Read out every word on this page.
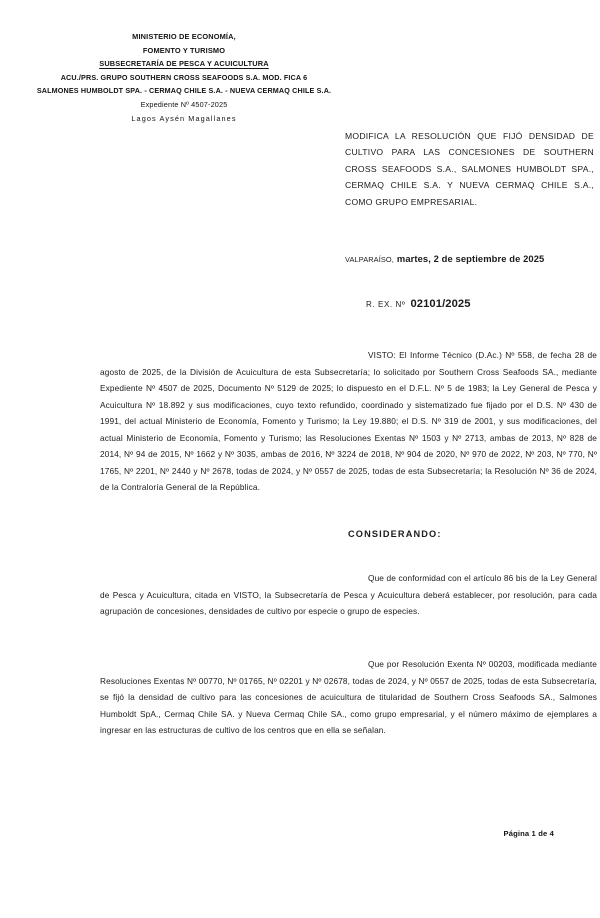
MINISTERIO DE ECONOMÍA,
FOMENTO Y TURISMO
SUBSECRETARÍA DE PESCA Y ACUICULTURA
ACU./PRS. GRUPO SOUTHERN CROSS SEAFOODS S.A. MOD. FICA 6
SALMONES HUMBOLDT SPA. - CERMAQ CHILE S.A. - NUEVA CERMAQ CHILE S.A.
Expediente Nº 4507-2025
Lagos Aysén Magallanes
MODIFICA LA RESOLUCIÓN QUE FIJÓ DENSIDAD DE CULTIVO PARA LAS CONCESIONES DE SOUTHERN CROSS SEAFOODS S.A., SALMONES HUMBOLDT SPA., CERMAQ CHILE S.A. Y NUEVA CERMAQ CHILE S.A., COMO GRUPO EMPRESARIAL.
VALPARAÍSO, martes, 2 de septiembre de 2025
R. EX. Nº 02101/2025

VISTO: El Informe Técnico (D.Ac.) Nº 558, de fecha 28 de agosto de 2025, de la División de Acuicultura de esta Subsecretaría; lo solicitado por Southern Cross Seafoods SA., mediante Expediente Nº 4507 de 2025, Documento Nº 5129 de 2025; lo dispuesto en el D.F.L. Nº 5 de 1983; la Ley General de Pesca y Acuicultura Nº 18.892 y sus modificaciones, cuyo texto refundido, coordinado y sistematizado fue fijado por el D.S. Nº 430 de 1991, del actual Ministerio de Economía, Fomento y Turismo; la Ley 19.880; el D.S. Nº 319 de 2001, y sus modificaciones, del actual Ministerio de Economía, Fomento y Turismo; las Resoluciones Exentas Nº 1503 y Nº 2713, ambas de 2013, Nº 828 de 2014, Nº 94 de 2015, Nº 1662 y Nº 3035, ambas de 2016, Nº 3224 de 2018, Nº 904 de 2020, Nº 970 de 2022, Nº 203, Nº 770, Nº 1765, Nº 2201, Nº 2440 y Nº 2678, todas de 2024, y Nº 0557 de 2025, todas de esta Subsecretaría; la Resolución Nº 36 de 2024, de la Contraloría General de la República.

CONSIDERANDO:

Que de conformidad con el artículo 86 bis de la Ley General de Pesca y Acuicultura, citada en VISTO, la Subsecretaría de Pesca y Acuicultura deberá establecer, por resolución, para cada agrupación de concesiones, densidades de cultivo por especie o grupo de especies.

Que por Resolución Exenta Nº 00203, modificada mediante Resoluciones Exentas Nº 00770, Nº 01765, Nº 02201 y Nº 02678, todas de 2024, y Nº 0557 de 2025, todas de esta Subsecretaría, se fijó la densidad de cultivo para las concesiones de acuicultura de titularidad de Southern Cross Seafoods SA., Salmones Humboldt SpA., Cermaq Chile SA. y Nueva Cermaq Chile SA., como grupo empresarial, y el número máximo de ejemplares a ingresar en las estructuras de cultivo de los centros que en ella se señalan.

Página 1 de 4
